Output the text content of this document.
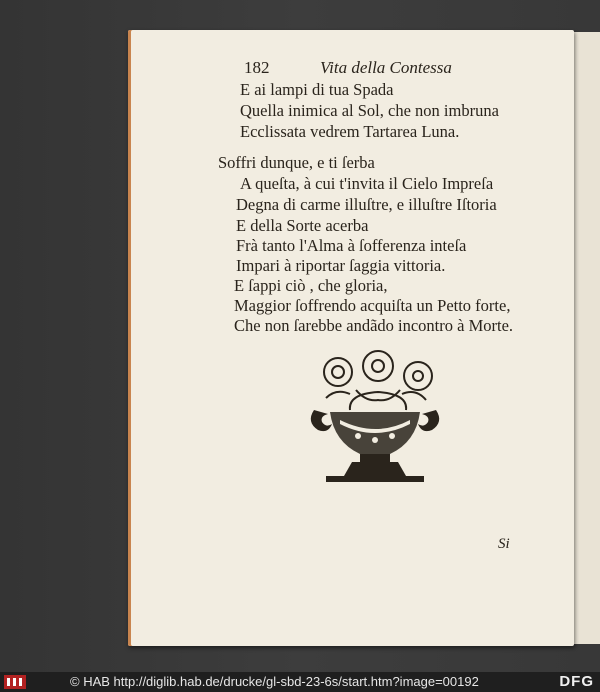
182	Vita della Contessa
E ai lampi di tua Spada
Quella inimica al Sol, che non imbruna
Ecclissata vedrem Tartarea Luna.
Soffri dunque, e ti ſerba
A queſta, à cui t'invita il Cielo Impreſa
Degna di carme illuſtre, e illuſtre Iſtoria
E della Sorte acerba
Frà tanto l'Alma à ſofferenza inteſa
Impari à riportar ſaggia vittoria.
E ſappi ciò , che gloria,
Maggior ſoffrendo acquiſta un Petto forte,
Che non ſarebbe andãdo incontro à Morte.
Si
© HAB http://diglib.hab.de/drucke/gl-sbd-23-6s/start.htm?image=00192	DFG
